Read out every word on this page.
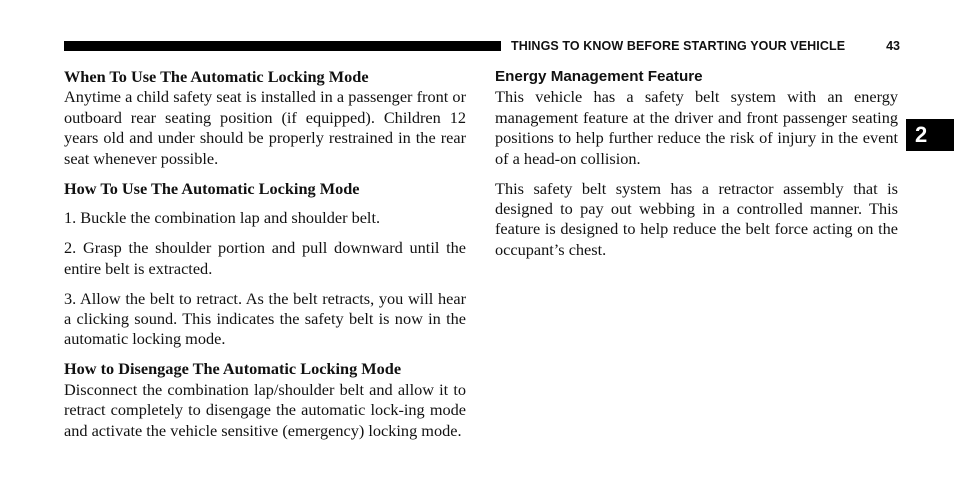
THINGS TO KNOW BEFORE STARTING YOUR VEHICLE	43
2
When To Use The Automatic Locking Mode

Anytime a child safety seat is installed in a passenger front or outboard rear seating position (if equipped). Children 12 years old and under should be properly restrained in the rear seat whenever possible.

How To Use The Automatic Locking Mode

1. Buckle the combination lap and shoulder belt.

2. Grasp the shoulder portion and pull downward until the entire belt is extracted.

3. Allow the belt to retract. As the belt retracts, you will hear a clicking sound. This indicates the safety belt is now in the automatic locking mode.

How to Disengage The Automatic Locking Mode

Disconnect the combination lap/shoulder belt and allow it to retract completely to disengage the automatic lock-ing mode and activate the vehicle sensitive (emergency) locking mode.

Energy Management Feature

This vehicle has a safety belt system with an energy management feature at the driver and front passenger seating positions to help further reduce the risk of injury in the event of a head-on collision.

This safety belt system has a retractor assembly that is designed to pay out webbing in a controlled manner. This feature is designed to help reduce the belt force acting on the occupant’s chest.
